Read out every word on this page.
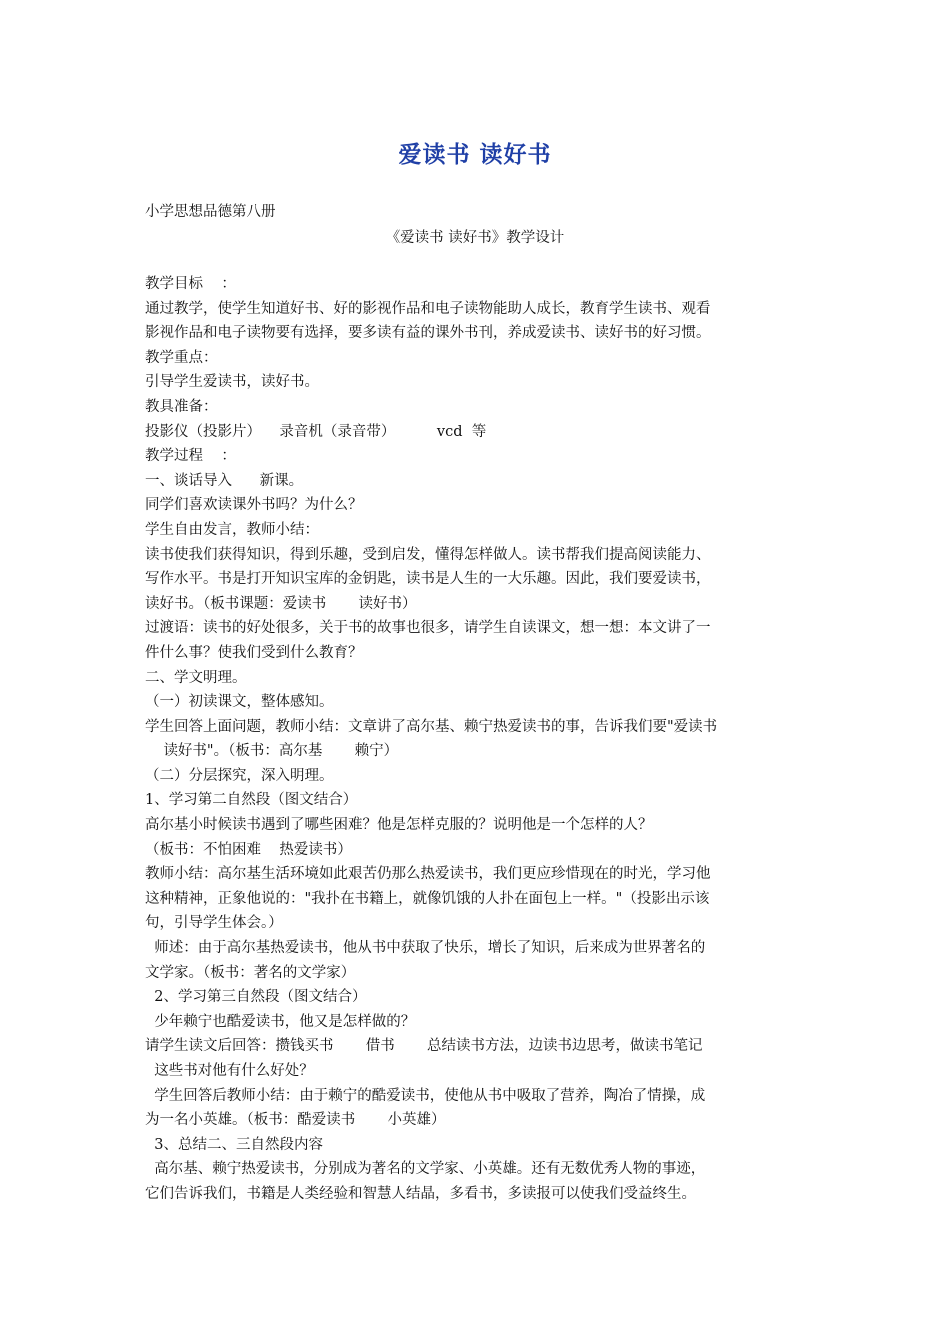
爱读书 读好书
小学思想品德第八册
《爱读书 读好书》教学设计
教学目标    ：
通过教学，使学生知道好书、好的影视作品和电子读物能助人成长，教育学生读书、观看
影视作品和电子读物要有选择，要多读有益的课外书刊，养成爱读书、读好书的好习惯。
教学重点：
引导学生爱读书，读好书。
教具准备：
投影仪（投影片）    录音机（录音带）         vcd  等
教学过程    ：
一、谈话导入      新课。
同学们喜欢读课外书吗？为什么？
学生自由发言，教师小结：
读书使我们获得知识，得到乐趣，受到启发，懂得怎样做人。读书帮我们提高阅读能力、
写作水平。书是打开知识宝库的金钥匙，读书是人生的一大乐趣。因此，我们要爱读书，
读好书。（板书课题：爱读书       读好书）
过渡语：读书的好处很多，关于书的故事也很多，请学生自读课文，想一想：本文讲了一
件什么事？使我们受到什么教育？
二、学文明理。
（一）初读课文，整体感知。
学生回答上面问题，教师小结：文章讲了高尔基、赖宁热爱读书的事，告诉我们要"爱读书
读好书"。（板书：高尔基       赖宁）
（二）分层探究，深入明理。
1、学习第二自然段（图文结合）
高尔基小时候读书遇到了哪些困难？他是怎样克服的？说明他是一个怎样的人？
（板书：不怕困难    热爱读书）
教师小结：高尔基生活环境如此艰苦仍那么热爱读书，我们更应珍惜现在的时光，学习他
这种精神，正象他说的："我扑在书籍上，就像饥饿的人扑在面包上一样。"（投影出示该
句，引导学生体会。）
师述：由于高尔基热爱读书，他从书中获取了快乐，增长了知识，后来成为世界著名的
文学家。（板书：著名的文学家）
2、学习第三自然段（图文结合）
少年赖宁也酷爱读书，他又是怎样做的？
请学生读文后回答：攒钱买书       借书       总结读书方法，边读书边思考，做读书笔记
这些书对他有什么好处？
学生回答后教师小结：由于赖宁的酷爱读书，使他从书中吸取了营养，陶冶了情操，成
为一名小英雄。（板书：酷爱读书       小英雄）
3、总结二、三自然段内容
高尔基、赖宁热爱读书，分别成为著名的文学家、小英雄。还有无数优秀人物的事迹，
它们告诉我们，书籍是人类经验和智慧人结晶，多看书，多读报可以使我们受益终生。
